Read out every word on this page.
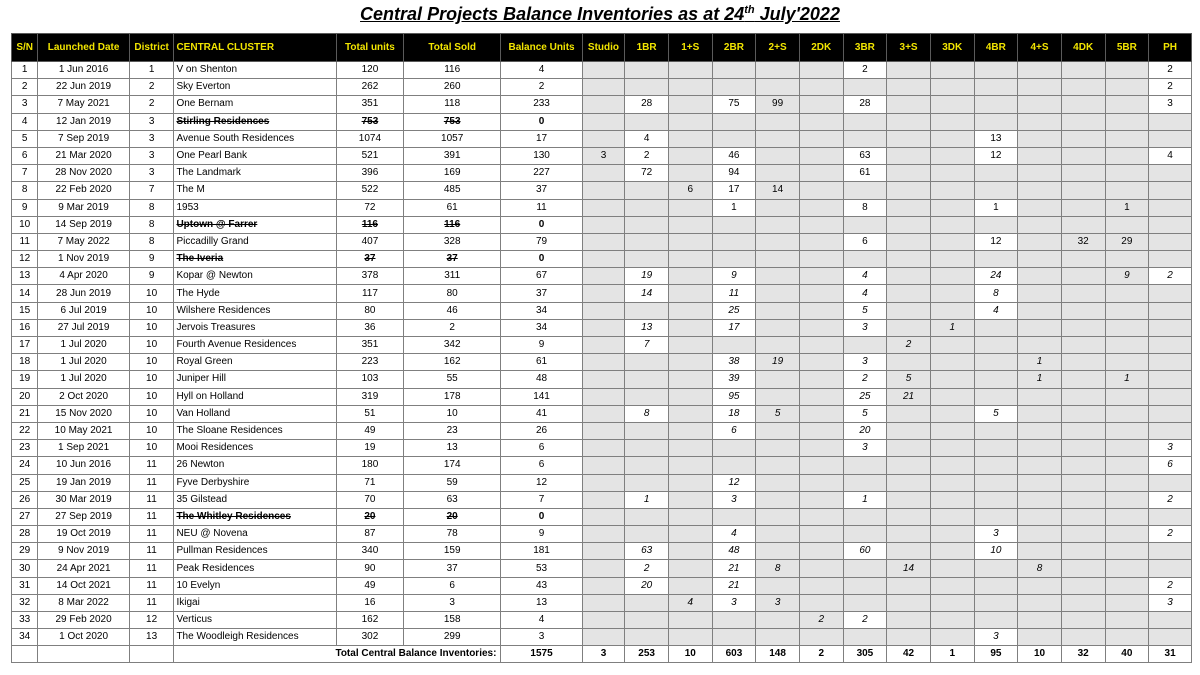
Central Projects Balance Inventories as at 24th July'2022
S/N	Launched Date	District	CENTRAL CLUSTER	Total units	Total Sold	Balance Units	Studio	1BR	1+S	2BR	2+S	2DK	3BR	3+S	3DK	4BR	4+S	4DK	5BR	PH
1	1 Jun 2016	1	V on Shenton	120	116	4							2							2
2	22 Jun 2019	2	Sky Everton	262	260	2														2
3	7 May 2021	2	One Bernam	351	118	233		28		75	99		28							3
4	12 Jan 2019	3	Stirling Residences	753	753	0														
5	7 Sep 2019	3	Avenue South Residences	1074	1057	17		4								13				
6	21 Mar 2020	3	One Pearl Bank	521	391	130	3	2		46			63			12				4
7	28 Nov 2020	3	The Landmark	396	169	227		72		94			61							
8	22 Feb 2020	7	The M	522	485	37			6	17	14									
9	9 Mar 2019	8	1953	72	61	11				1			8			1			1	
10	14 Sep 2019	8	Uptown @ Farrer	116	116	0														
11	7 May 2022	8	Piccadilly Grand	407	328	79							6			12		32	29	
12	1 Nov 2019	9	The Iveria	37	37	0														
13	4 Apr 2020	9	Kopar @ Newton	378	311	67		19		9			4			24			9	2
14	28 Jun 2019	10	The Hyde	117	80	37		14		11			4			8				
15	6 Jul 2019	10	Wilshere Residences	80	46	34				25			5			4				
16	27 Jul 2019	10	Jervois Treasures	36	2	34		13		17			3		1					
17	1 Jul 2020	10	Fourth Avenue Residences	351	342	9		7						2						
18	1 Jul 2020	10	Royal Green	223	162	61				38	19		3				1			
19	1 Jul 2020	10	Juniper Hill	103	55	48				39			2	5			1		1	
20	2 Oct 2020	10	Hyll on Holland	319	178	141				95			25	21						
21	15 Nov 2020	10	Van Holland	51	10	41		8		18	5		5			5				
22	10 May 2021	10	The Sloane Residences	49	23	26				6			20							
23	1 Sep 2021	10	Mooi Residences	19	13	6							3							3
24	10 Jun 2016	11	26 Newton	180	174	6														6
25	19 Jan 2019	11	Fyve Derbyshire	71	59	12				12										
26	30 Mar 2019	11	35 Gilstead	70	63	7		1		3			1							2
27	27 Sep 2019	11	The Whitley Residences	20	20	0														
28	19 Oct 2019	11	NEU @ Novena	87	78	9				4						3				2
29	9 Nov 2019	11	Pullman Residences	340	159	181		63		48			60			10				
30	24 Apr 2021	11	Peak Residences	90	37	53		2		21	8			14			8			
31	14 Oct 2021	11	10 Evelyn	49	6	43		20		21										2
32	8 Mar 2022	11	Ikigai	16	3	13			4	3	3									3
33	29 Feb 2020	12	Verticus	162	158	4						2	2							
34	1 Oct 2020	13	The Woodleigh Residences	302	299	3										3				
			Total Central Balance Inventories:			1575	3	253	10	603	148	2	305	42	1	95	10	32	40	31
